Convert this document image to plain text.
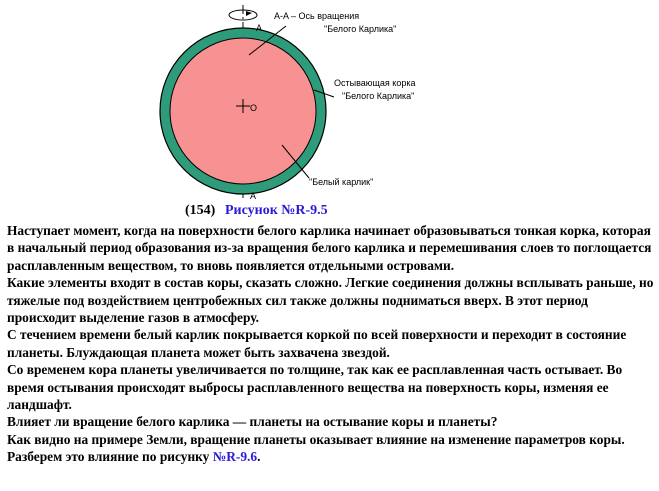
A
A
O
A-A – Ось вращения
"Белого Карлика"
Остывающая корка
"Белого Карлика"
"Белый карлик"
(154) Рисунок №R-9.5

Наступает момент, когда на поверхности белого карлика начинает образовываться тонкая корка, которая в начальный период образования из-за вращения белого карлика и перемешивания слоев то поглощается расплавленным веществом, то вновь появляется отдельными островами.

Какие элементы входят в состав коры, сказать сложно. Легкие соединения должны всплывать раньше, но тяжелые под воздействием центробежных сил также должны подниматься вверх. В этот период происходит выделение газов в атмосферу.

С течением времени белый карлик покрывается коркой по всей поверхности и переходит в состояние планеты. Блуждающая планета может быть захвачена звездой.

Со временем кора планеты увеличивается по толщине, так как ее расплавленная часть остывает. Во время остывания происходят выбросы расплавленного вещества на поверхность коры, изменяя ее ландшафт.

Влияет ли вращение белого карлика — планеты на остывание коры и планеты?

Как видно на примере Земли, вращение планеты оказывает влияние на изменение параметров коры. Разберем это влияние по рисунку №R-9.6.
